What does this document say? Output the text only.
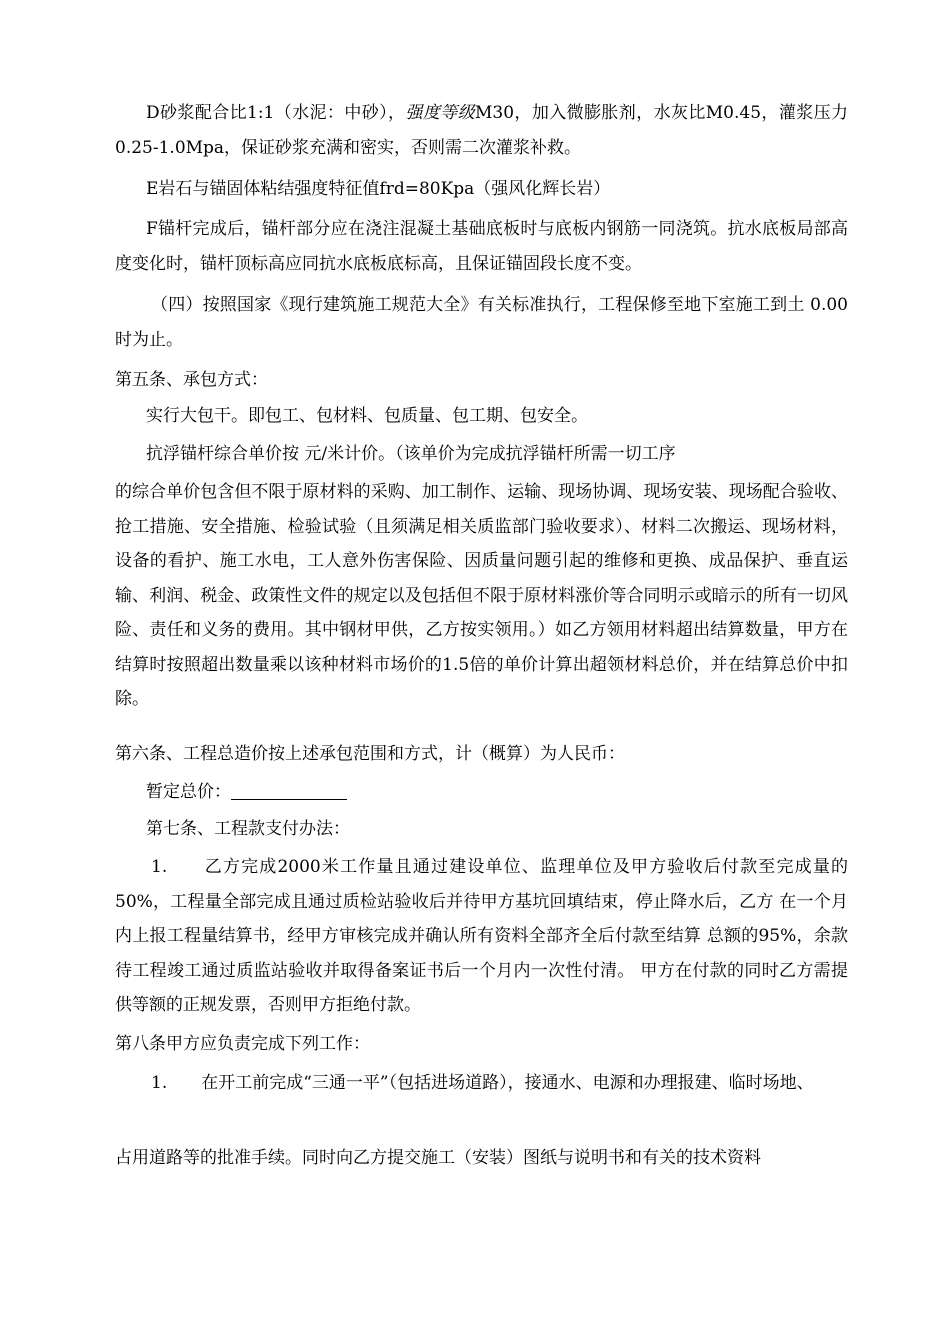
D砂浆配合比1:1（水泥：中砂），强度等级M30，加入微膨胀剂，水灰比M0.45，灌浆压力0.25-1.0Mpa，保证砂浆充满和密实，否则需二次灌浆补救。

E岩石与锚固体粘结强度特征值frd=80Kpa（强风化辉长岩）

F锚杆完成后，锚杆部分应在浇注混凝土基础底板时与底板内钢筋一同浇筑。抗水底板局部高度变化时，锚杆顶标高应同抗水底板底标高，且保证锚固段长度不变。

（四）按照国家《现行建筑施工规范大全》有关标准执行，工程保修至地下室施工到土 0.00时为止。

第五条、承包方式：

实行大包干。即包工、包材料、包质量、包工期、包安全。

抗浮锚杆综合单价按 元/米计价。（该单价为完成抗浮锚杆所需一切工序

的综合单价包含但不限于原材料的采购、加工制作、运输、现场协调、现场安装、现场配合验收、抢工措施、安全措施、检验试验（且须满足相关质监部门验收要求）、材料二次搬运、现场材料，设备的看护、施工水电，工人意外伤害保险、因质量问题引起的维修和更换、成品保护、垂直运输、利润、税金、政策性文件的规定以及包括但不限于原材料涨价等合同明示或暗示的所有一切风险、责任和义务的费用。其中钢材甲供，乙方按实领用。）如乙方领用材料超出结算数量，甲方在结算时按照超出数量乘以该种材料市场价的1.5倍的单价计算出超领材料总价，并在结算总价中扣除。

第六条、工程总造价按上述承包范围和方式，计（概算）为人民币：

暂定总价：

第七条、工程款支付办法：

1.　　乙方完成2000米工作量且通过建设单位、监理单位及甲方验收后付款至完成量的 50%，工程量全部完成且通过质检站验收后并待甲方基坑回填结束，停止降水后，乙方 在一个月内上报工程量结算书，经甲方审核完成并确认所有资料全部齐全后付款至结算 总额的95%，余款待工程竣工通过质监站验收并取得备案证书后一个月内一次性付清。 甲方在付款的同时乙方需提供等额的正规发票，否则甲方拒绝付款。

第八条甲方应负责完成下列工作：

1.　　在开工前完成“三通一平”（包括进场道路），接通水、电源和办理报建、临时场地、

占用道路等的批准手续。同时向乙方提交施工（安装）图纸与说明书和有关的技术资料
